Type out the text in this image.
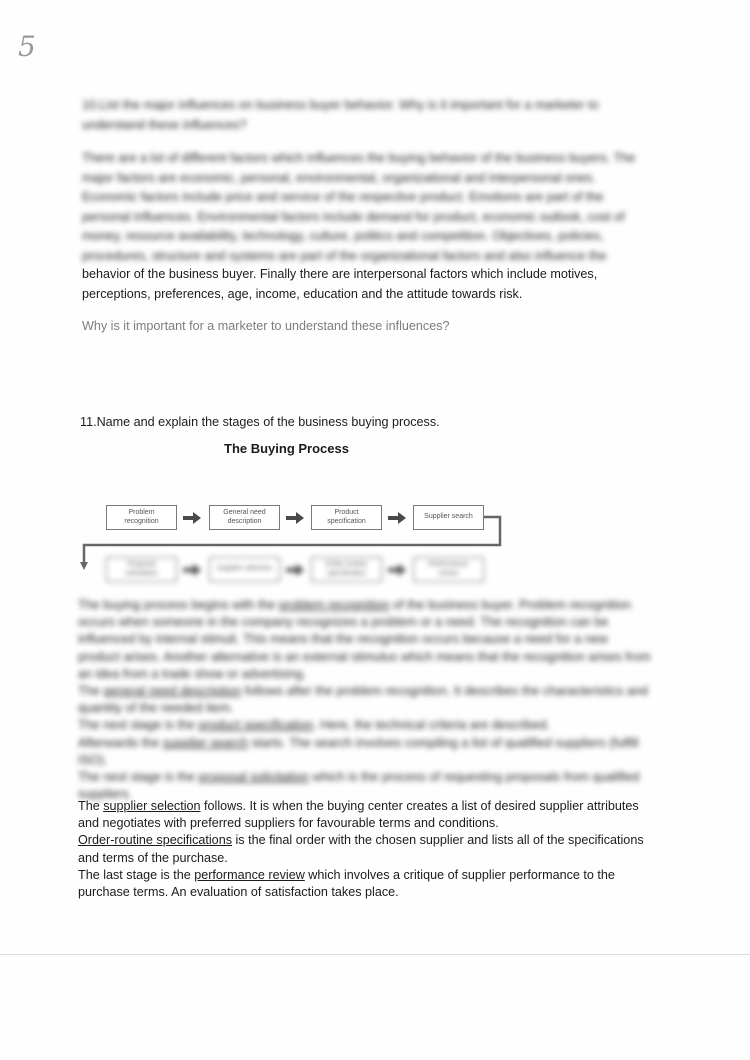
5
10.List the major influences on business buyer behavior. Why is it important for a marketer to understand these influences?
There are a lot of different factors which influences the buying behavior of the business buyers. The major factors are economic, personal, environmental, organizational and interpersonal ones. Economic factors include price and service of the respective product. Emotions are part of the personal influences. Environmental factors include demand for product, economic outlook, cost of money, resource availability, technology, culture, politics and competition. Objectives, policies, procedures, structure and systems are part of the organizational factors and also influence the
behavior of the business buyer. Finally there are interpersonal factors which include motives, perceptions, preferences, age, income, education and the attitude towards risk.
Why is it important for a marketer to understand these influences?
11.Name and explain the stages of the business buying process.
The Buying Process
Problem recognition
General need description
Product specification
Supplier search
Proposal solicitation
Supplier selection
Order-routine specification
Performance review

The buying process begins with the problem recognition of the business buyer. Problem recognition occurs when someone in the company recognizes a problem or a need. The recognition can be influenced by internal stimuli. This means that the recognition occurs because a need for a new product arises. Another alternative is an external stimulus which means that the recognition arises from an idea from a trade show or advertising.

The general need description follows after the problem recognition. It describes the characteristics and quantity of the needed item.

The next stage is the product specification. Here, the technical criteria are described.

Afterwards the supplier search starts. The search involves compiling a list of qualified suppliers (fulfill ISO).

The next stage is the proposal solicitation which is the process of requesting proposals from qualified suppliers.

The supplier selection follows. It is when the buying center creates a list of desired supplier attributes and negotiates with preferred suppliers for favourable terms and conditions.

Order-routine specifications is the final order with the chosen supplier and lists all of the specifications and terms of the purchase.

The last stage is the performance review which involves a critique of supplier performance to the purchase terms. An evaluation of satisfaction takes place.
